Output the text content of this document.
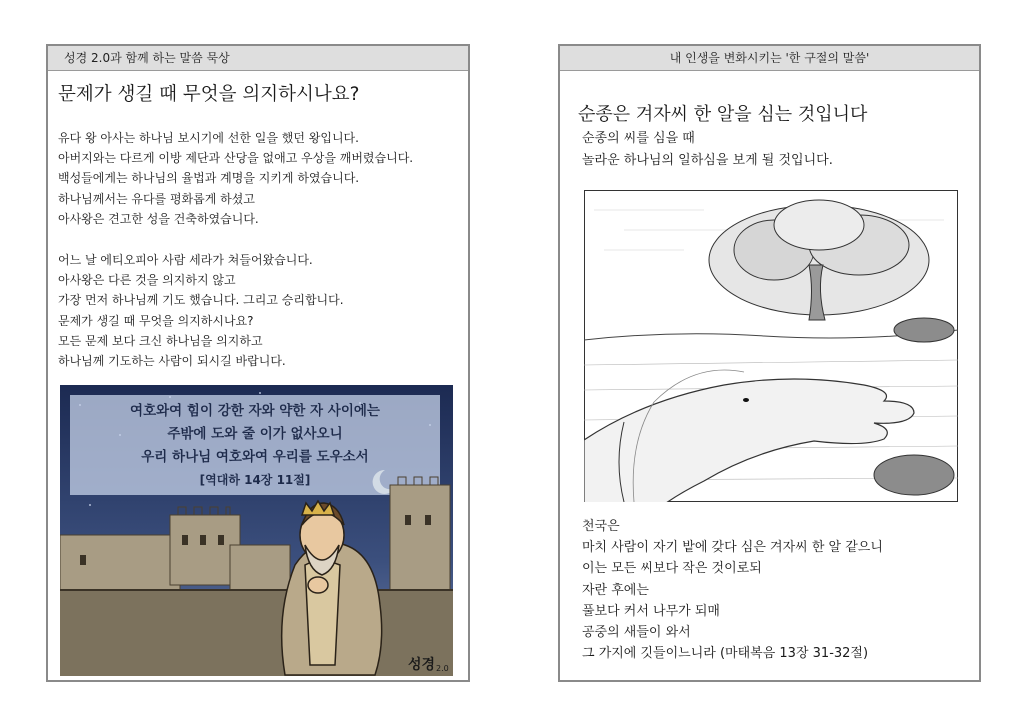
성경 2.0과 함께 하는 말씀 묵상
문제가 생길 때 무엇을 의지하시나요?
유다 왕 아사는 하나님 보시기에 선한 일을 했던 왕입니다.
아버지와는 다르게 이방 제단과 산당을 없애고 우상을 깨버렸습니다.
백성들에게는 하나님의 율법과 계명을 지키게 하였습니다.
하나님께서는 유다를 평화롭게 하셨고
아사왕은 견고한 성을 건축하였습니다.
어느 날 에티오피아 사람 세라가 쳐들어왔습니다.
아사왕은 다른 것을 의지하지 않고
가장 먼저 하나님께 기도 했습니다. 그리고 승리합니다.
문제가 생길 때 무엇을 의지하시나요?
모든 문제 보다 크신 하나님을 의지하고
하나님께 기도하는 사람이 되시길 바랍니다.
여호와여 힘이 강한 자와 약한 자 사이에는
주밖에 도와 줄 이가 없사오니
우리 하나님 여호와여 우리를 도우소서
[역대하 14장 11절]
성경 2.0
내 인생을 변화시키는 '한 구절의 말씀'
순종은 겨자씨 한 알을 심는 것입니다
순종의 씨를 심을 때
놀라운 하나님의 일하심을 보게 될 것입니다.
천국은
마치 사람이 자기 밭에 갖다 심은 겨자씨 한 알 같으니
이는 모든 씨보다 작은 것이로되
자란 후에는
풀보다 커서 나무가 되매
공중의 새들이 와서
그 가지에 깃들이느니라 (마태복음 13장 31-32절)
